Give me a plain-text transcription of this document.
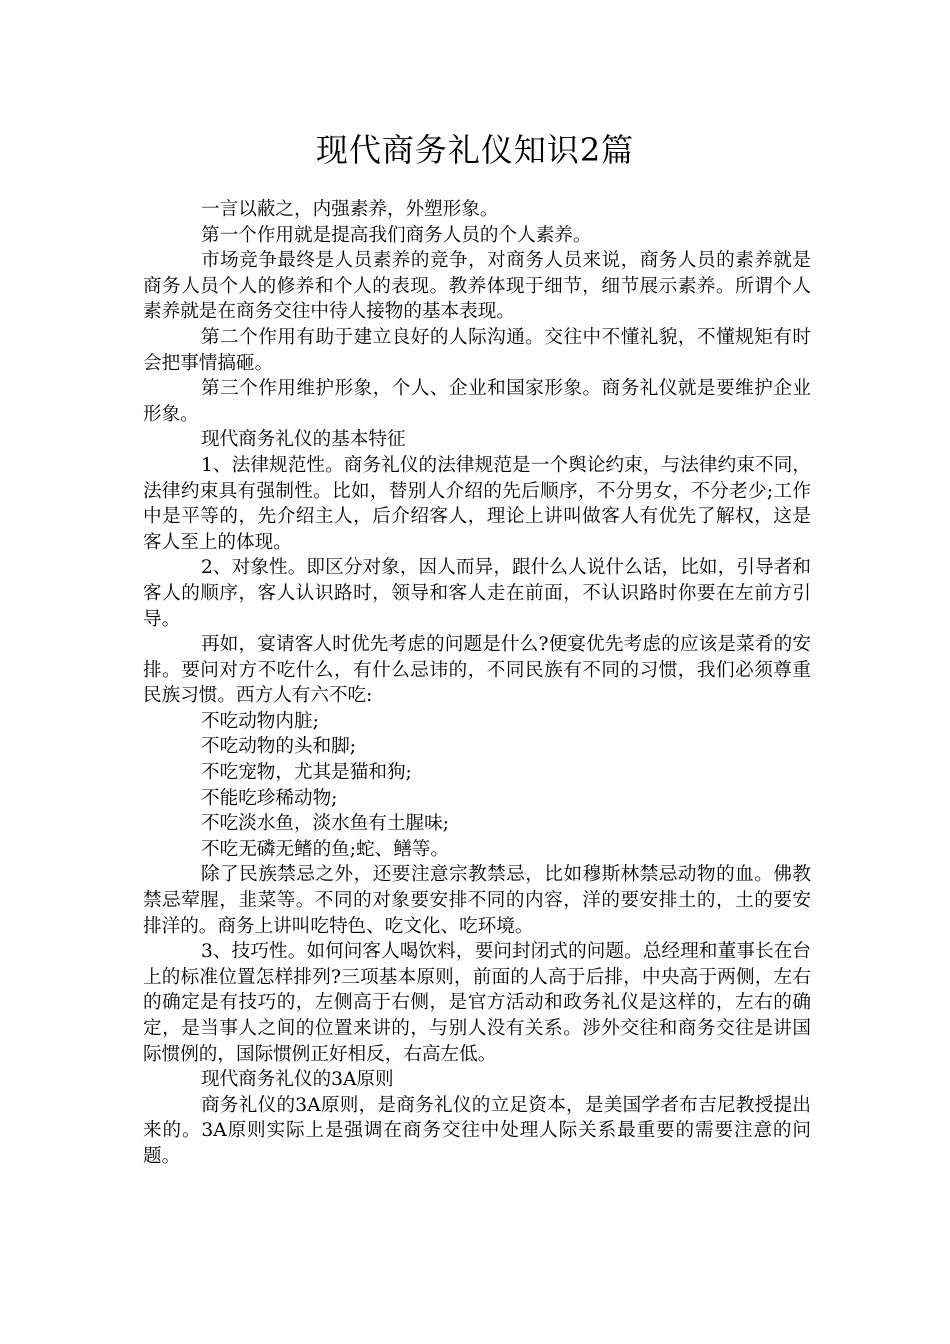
现代商务礼仪知识2篇

一言以蔽之，内强素养，外塑形象。

第一个作用就是提高我们商务人员的个人素养。

市场竞争最终是人员素养的竞争，对商务人员来说，商务人员的素养就是商务人员个人的修养和个人的表现。教养体现于细节，细节展示素养。所谓个人素养就是在商务交往中待人接物的基本表现。

第二个作用有助于建立良好的人际沟通。交往中不懂礼貌，不懂规矩有时会把事情搞砸。

第三个作用维护形象，个人、企业和国家形象。商务礼仪就是要维护企业形象。

现代商务礼仪的基本特征

1、法律规范性。商务礼仪的法律规范是一个舆论约束，与法律约束不同，法律约束具有强制性。比如，替别人介绍的先后顺序，不分男女，不分老少;工作中是平等的，先介绍主人，后介绍客人，理论上讲叫做客人有优先了解权，这是客人至上的体现。

2、对象性。即区分对象，因人而异，跟什么人说什么话，比如，引导者和客人的顺序，客人认识路时，领导和客人走在前面，不认识路时你要在左前方引导。

再如，宴请客人时优先考虑的问题是什么?便宴优先考虑的应该是菜肴的安排。要问对方不吃什么，有什么忌讳的，不同民族有不同的习惯，我们必须尊重民族习惯。西方人有六不吃:

不吃动物内脏;

不吃动物的头和脚;

不吃宠物，尤其是猫和狗;

不能吃珍稀动物;

不吃淡水鱼，淡水鱼有土腥味;

不吃无磷无鳍的鱼;蛇、鳝等。

除了民族禁忌之外，还要注意宗教禁忌，比如穆斯林禁忌动物的血。佛教禁忌荤腥，韭菜等。不同的对象要安排不同的内容，洋的要安排土的，土的要安排洋的。商务上讲叫吃特色、吃文化、吃环境。

3、技巧性。如何问客人喝饮料，要问封闭式的问题。总经理和董事长在台上的标准位置怎样排列?三项基本原则，前面的人高于后排，中央高于两侧，左右的确定是有技巧的，左侧高于右侧，是官方活动和政务礼仪是这样的，左右的确定，是当事人之间的位置来讲的，与别人没有关系。涉外交往和商务交往是讲国际惯例的，国际惯例正好相反，右高左低。

现代商务礼仪的3A原则

商务礼仪的3A原则，是商务礼仪的立足资本，是美国学者布吉尼教授提出来的。3A原则实际上是强调在商务交往中处理人际关系最重要的需要注意的问题。
